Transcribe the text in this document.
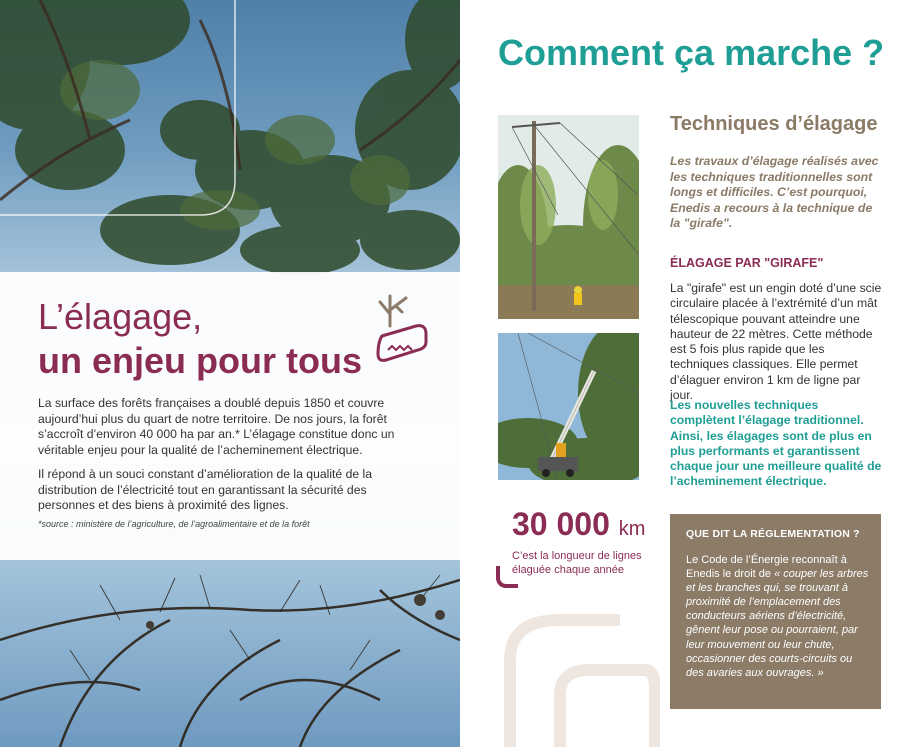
L’élagage,
un enjeu pour tous

La surface des forêts françaises a doublé depuis 1850 et couvre aujourd’hui plus du quart de notre territoire. De nos jours, la forêt s’accroît d’environ 40 000 ha par an.* L’élagage constitue donc un véritable enjeu pour la qualité de l’acheminement électrique.

Il répond à un souci constant d’amélioration de la qualité de la distribution de l’électricité tout en garantissant la sécurité des personnes et des biens à proximité des lignes.

*source : ministère de l’agriculture, de l’agroalimentaire et de la forêt
Comment ça marche ?
Techniques d’élagage
Les travaux d’élagage réalisés avec les techniques traditionnelles sont longs et difficiles. C’est pourquoi, Enedis a recours à la technique de la "girafe".
ÉLAGAGE PAR "GIRAFE"
La "girafe" est un engin doté d’une scie circulaire placée à l’extrémité d’un mât télescopique pouvant atteindre une hauteur de 22 mètres. Cette méthode est 5 fois plus rapide que les techniques classiques. Elle permet d’élaguer environ 1 km de ligne par jour.
Les nouvelles techniques complètent l’élagage traditionnel. Ainsi, les élagages sont de plus en plus performants et garantissent chaque jour une meilleure qualité de l’acheminement électrique.
30 000 km
C’est la longueur de lignes élaguée chaque année
QUE DIT LA RÉGLEMENTATION ?
Le Code de l’Énergie reconnaît à Enedis le droit de « couper les arbres et les branches qui, se trouvant à proximité de l’emplacement des conducteurs aériens d’électricité, gênent leur pose ou pourraient, par leur mouvement ou leur chute, occasionner des courts-circuits ou des avaries aux ouvrages. »
